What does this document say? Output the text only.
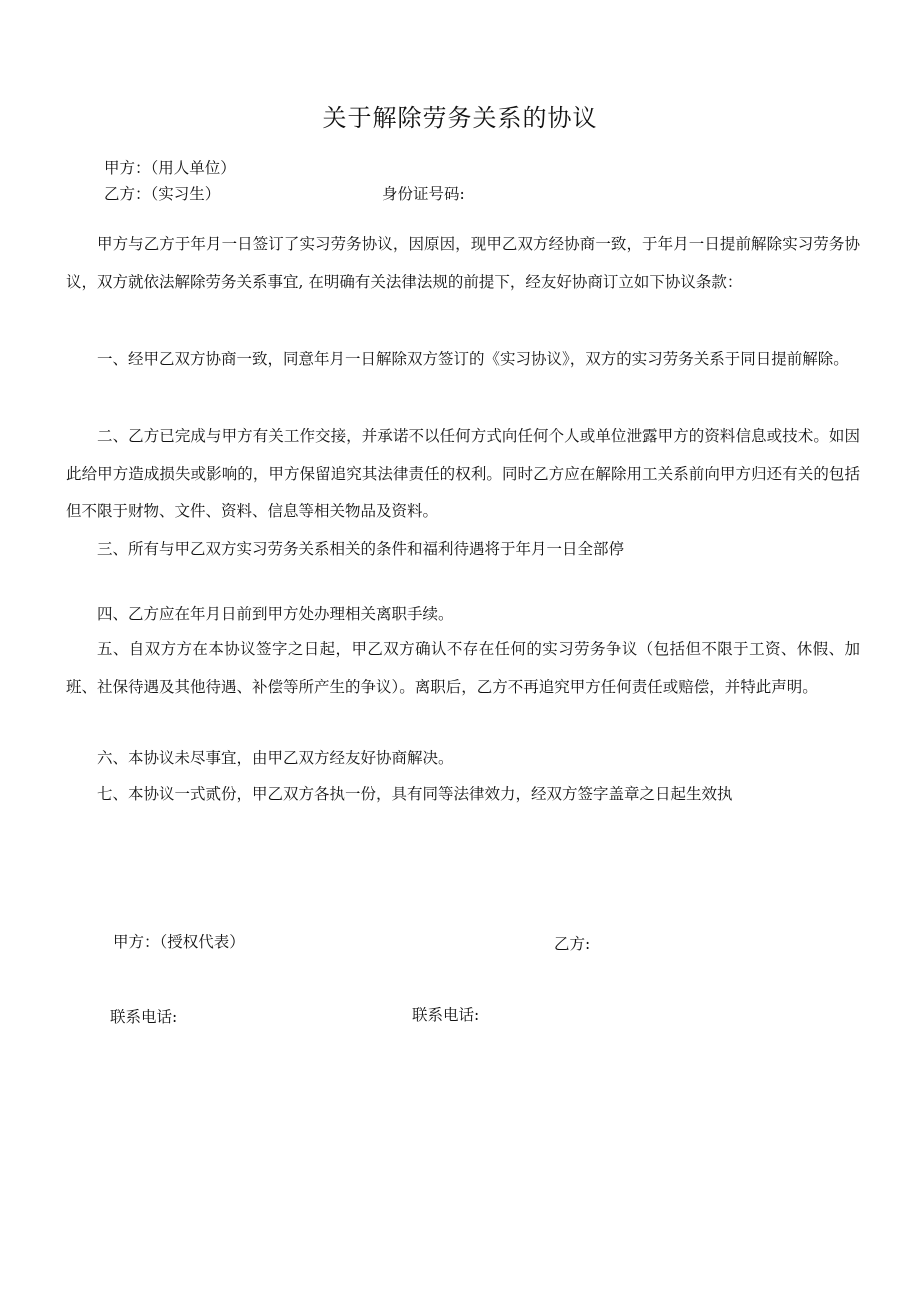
关于解除劳务关系的协议
甲方：（用人单位）
乙方：（实习生）	身份证号码:

甲方与乙方于年月一日签订了实习劳务协议，因原因，现甲乙双方经协商一致，于年月一日提前解除实习劳务协议，双方就依法解除劳务关系事宜, 在明确有关法律法规的前提下，经友好协商订立如下协议条款：

一、经甲乙双方协商一致，同意年月一日解除双方签订的《实习协议》，双方的实习劳务关系于同日提前解除。

二、乙方已完成与甲方有关工作交接，并承诺不以任何方式向任何个人或单位泄露甲方的资料信息或技术。如因此给甲方造成损失或影响的，甲方保留追究其法律责任的权利。同时乙方应在解除用工关系前向甲方归还有关的包括但不限于财物、文件、资料、信息等相关物品及资料。

三、所有与甲乙双方实习劳务关系相关的条件和福利待遇将于年月一日全部停

四、乙方应在年月日前到甲方处办理相关离职手续。

五、自双方方在本协议签字之日起，甲乙双方确认不存在任何的实习劳务争议（包括但不限于工资、休假、加班、社保待遇及其他待遇、补偿等所产生的争议）。离职后，乙方不再追究甲方任何责任或赔偿，并特此声明。

六、本协议未尽事宜，由甲乙双方经友好协商解决。

七、本协议一式贰份，甲乙双方各执一份，具有同等法律效力，经双方签字盖章之日起生效执

甲方：（授权代表）	乙方:
联系电话:	联系电话:
